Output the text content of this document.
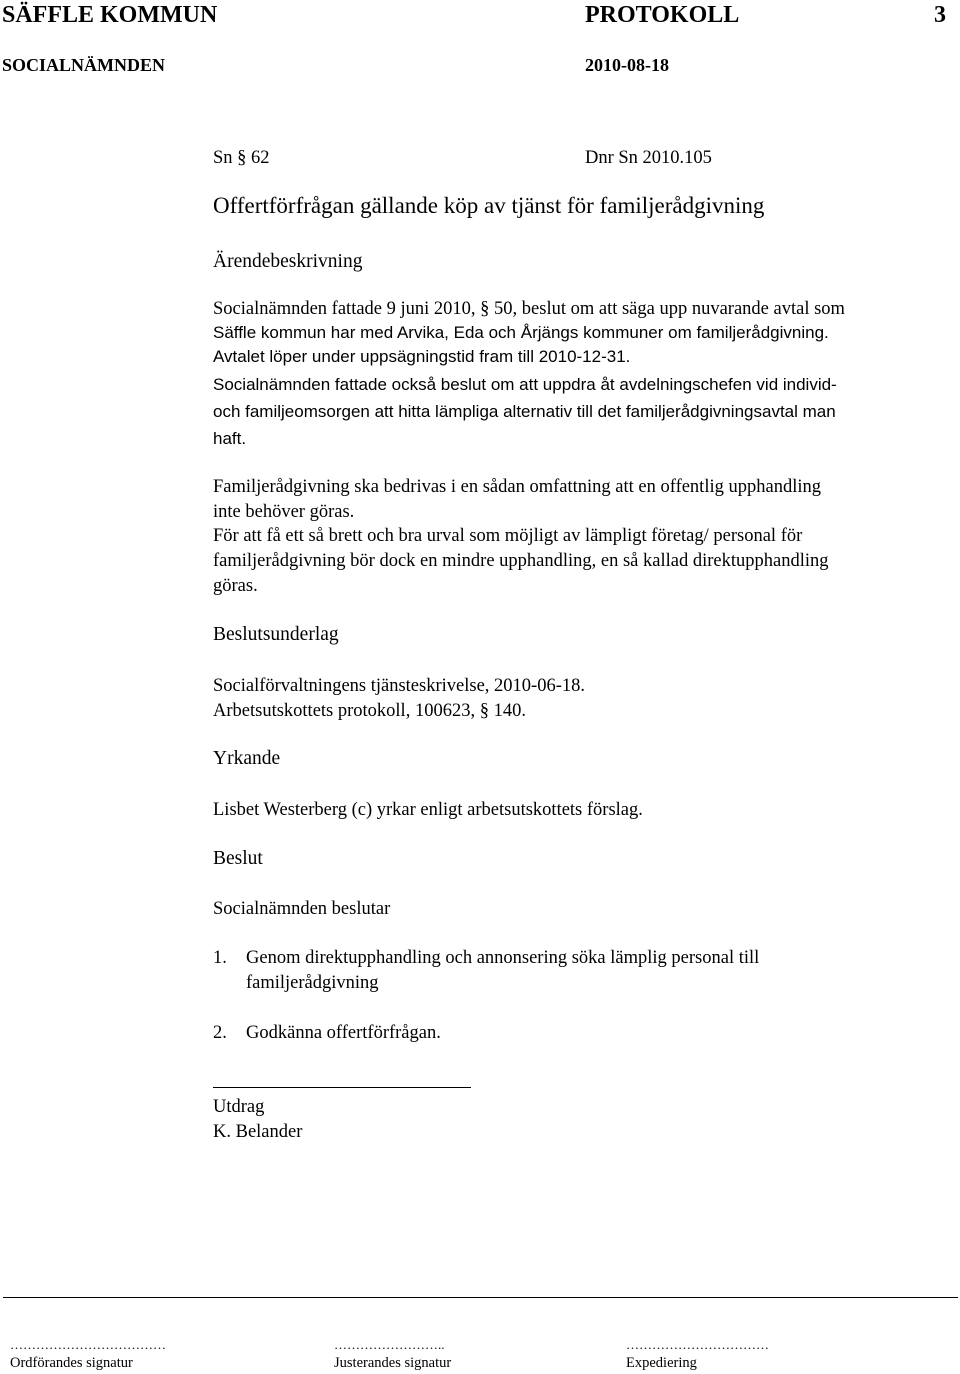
SÄFFLE KOMMUN	PROTOKOLL	3
SOCIALNÄMNDEN	2010-08-18
Sn § 62	Dnr Sn 2010.105
Offertförfrågan gällande köp av tjänst för familjerådgivning
Ärendebeskrivning
Socialnämnden fattade 9 juni 2010, § 50, beslut om att säga upp nuvarande avtal som
Säffle kommun har med Arvika, Eda och Årjängs kommuner om familjerådgivning.
Avtalet löper under uppsägningstid fram till 2010-12-31.
Socialnämnden fattade också beslut om att uppdra åt avdelningschefen vid individ-
och familjeomsorgen att hitta lämpliga alternativ till det familjerådgivningsavtal man
haft.
Familjerådgivning ska bedrivas i en sådan omfattning att en offentlig upphandling
inte behöver göras.
För att få ett så brett och bra urval som möjligt av lämpligt företag/ personal för
familjerådgivning bör dock en mindre upphandling, en så kallad direktupphandling
göras.
Beslutsunderlag
Socialförvaltningens tjänsteskrivelse, 2010-06-18.
Arbetsutskottets protokoll, 100623, § 140.
Yrkande
Lisbet Westerberg (c) yrkar enligt arbetsutskottets förslag.
Beslut
Socialnämnden beslutar
1. Genom direktupphandling och annonsering söka lämplig personal till
familjerådgivning
2. Godkänna offertförfrågan.
Utdrag
K. Belander
………………………………	……………………..	……………………………
Ordförandes signatur	Justerandes signatur	Expediering
